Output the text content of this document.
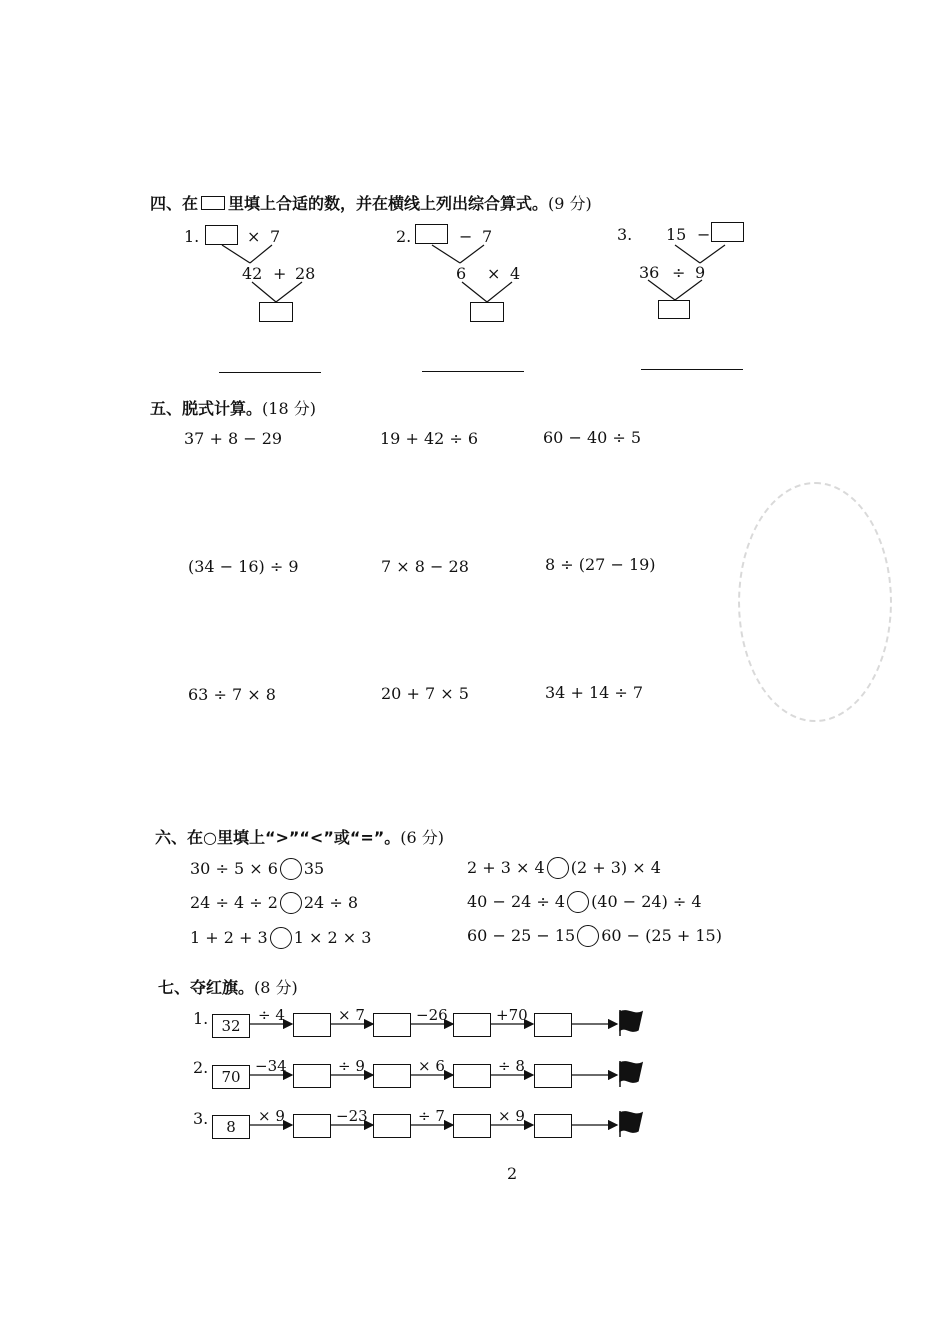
四、在 里填上合适的数，并在横线上列出综合算式。(9 分)
1.	× 7
42 + 28
2.	− 7
6 × 4
3. 15 −
36 ÷ 9
五、脱式计算。(18 分)
37 + 8 − 29	19 + 42 ÷ 6	60 − 40 ÷ 5
(34 − 16) ÷ 9	7 × 8 − 28	8 ÷ (27 − 19)
63 ÷ 7 × 8	20 + 7 × 5	34 + 14 ÷ 7
六、在○里填上“>”“<”或“=”。(6 分)
30 ÷ 5 × 6 35	2 + 3 × 4 (2 + 3) × 4
24 ÷ 4 ÷ 2 24 ÷ 8	40 − 24 ÷ 4 (40 − 24) ÷ 4
1 + 2 + 3 1 × 2 × 3	60 − 25 − 15 60 − (25 + 15)
七、夺红旗。(8 分)
1. 32
÷ 4	× 7	−26	+70
2. 70
−34	÷ 9	× 6	÷ 8
3.	8
× 9	−23	÷ 7	× 9
2
